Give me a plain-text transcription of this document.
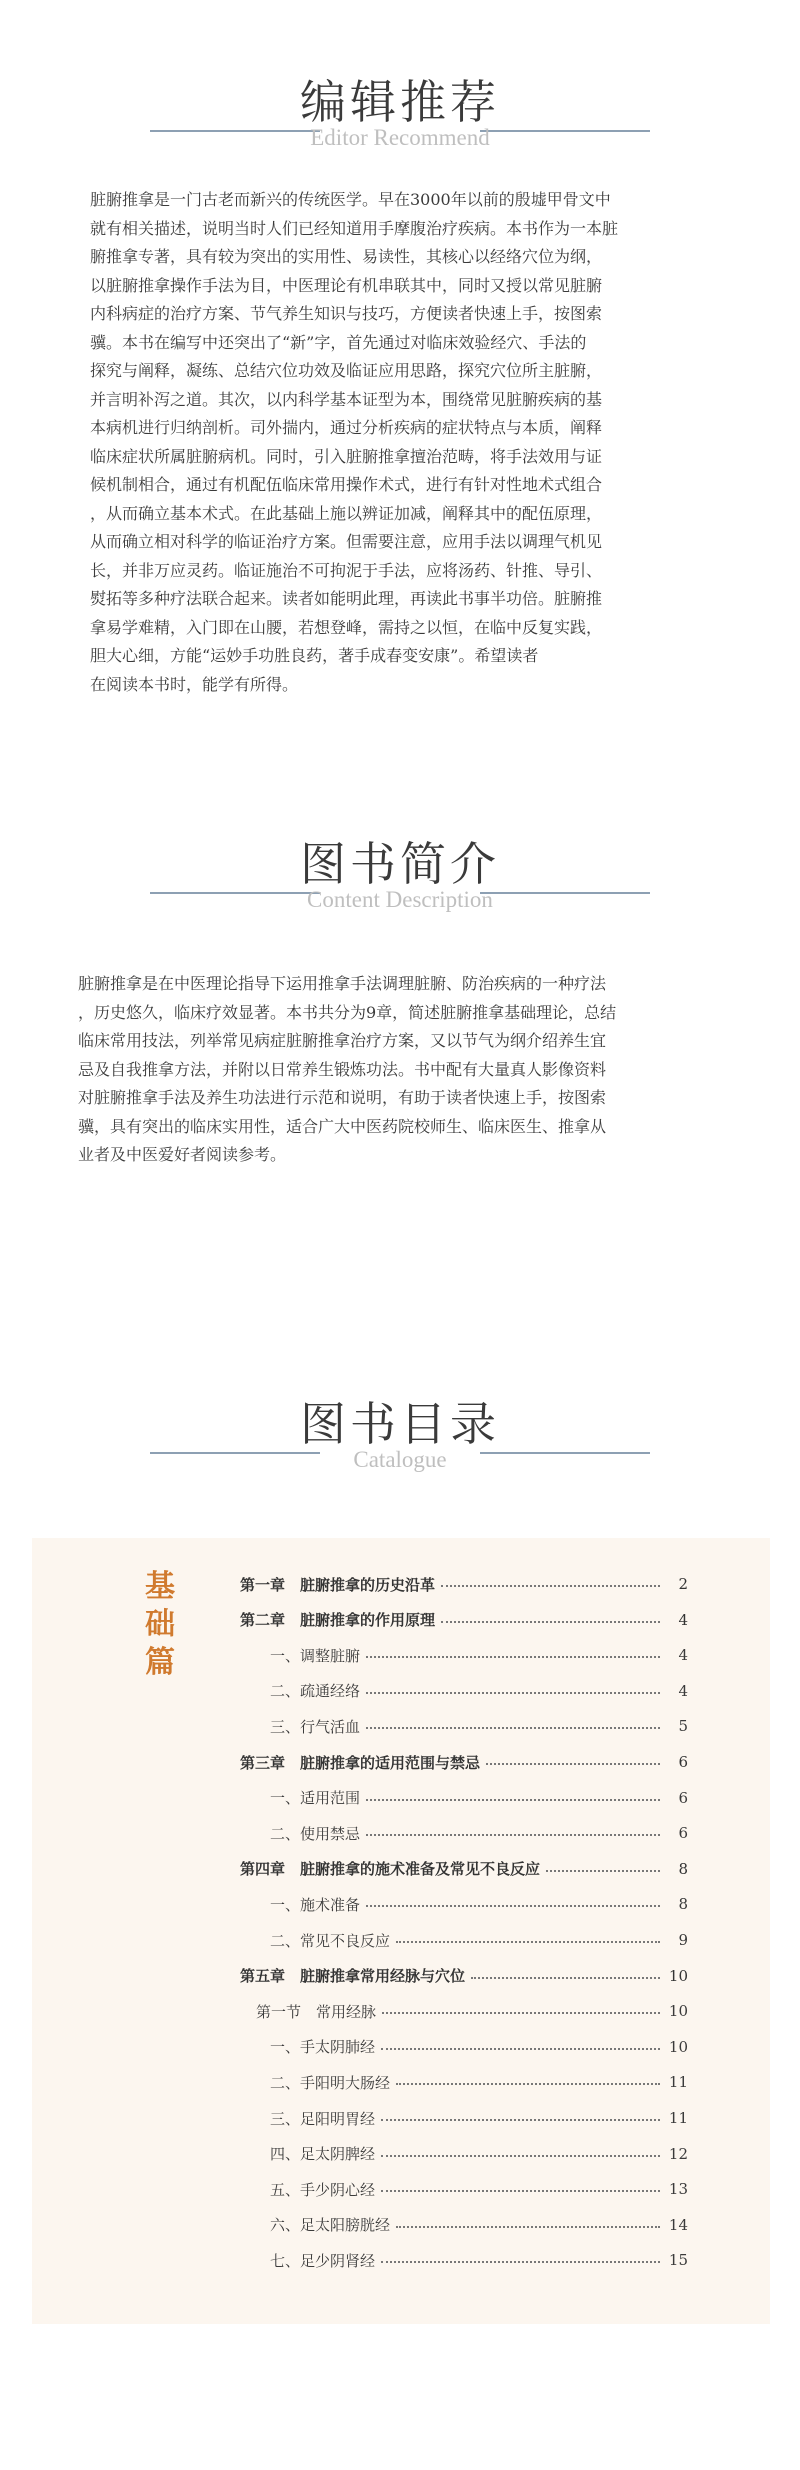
编辑推荐
Editor Recommend
脏腑推拿是一门古老而新兴的传统医学。早在3000年以前的殷墟甲骨文中
就有相关描述，说明当时人们已经知道用手摩腹治疗疾病。本书作为一本脏
腑推拿专著，具有较为突出的实用性、易读性，其核心以经络穴位为纲，
以脏腑推拿操作手法为目，中医理论有机串联其中，同时又授以常见脏腑
内科病症的治疗方案、节气养生知识与技巧，方便读者快速上手，按图索
骥。本书在编写中还突出了“新”字，首先通过对临床效验经穴、手法的
探究与阐释，凝练、总结穴位功效及临证应用思路，探究穴位所主脏腑，
并言明补泻之道。其次，以内科学基本证型为本，围绕常见脏腑疾病的基
本病机进行归纳剖析。司外揣内，通过分析疾病的症状特点与本质，阐释
临床症状所属脏腑病机。同时，引入脏腑推拿擅治范畴，将手法效用与证
候机制相合，通过有机配伍临床常用操作术式，进行有针对性地术式组合
，从而确立基本术式。在此基础上施以辨证加减，阐释其中的配伍原理，
从而确立相对科学的临证治疗方案。但需要注意，应用手法以调理气机见
长，并非万应灵药。临证施治不可拘泥于手法，应将汤药、针推、导引、
熨拓等多种疗法联合起来。读者如能明此理，再读此书事半功倍。脏腑推
拿易学难精，入门即在山腰，若想登峰，需持之以恒，在临中反复实践，
胆大心细，方能“运妙手功胜良药，著手成春变安康”。希望读者
在阅读本书时，能学有所得。
图书简介
Content Description
脏腑推拿是在中医理论指导下运用推拿手法调理脏腑、防治疾病的一种疗法
，历史悠久，临床疗效显著。本书共分为9章，简述脏腑推拿基础理论，总结
临床常用技法，列举常见病症脏腑推拿治疗方案，又以节气为纲介绍养生宜
忌及自我推拿方法，并附以日常养生锻炼功法。书中配有大量真人影像资料
对脏腑推拿手法及养生功法进行示范和说明，有助于读者快速上手，按图索
骥，具有突出的临床实用性，适合广大中医药院校师生、临床医生、推拿从
业者及中医爱好者阅读参考。
图书目录
Catalogue
基
础
篇
第一章　脏腑推拿的历史沿革	2
第二章　脏腑推拿的作用原理	4
一、调整脏腑	4
二、疏通经络	4
三、行气活血	5
第三章　脏腑推拿的适用范围与禁忌	6
一、适用范围	6
二、使用禁忌	6
第四章　脏腑推拿的施术准备及常见不良反应	8
一、施术准备	8
二、常见不良反应	9
第五章　脏腑推拿常用经脉与穴位	10
第一节　常用经脉	10
一、手太阴肺经	10
二、手阳明大肠经	11
三、足阳明胃经	11
四、足太阴脾经	12
五、手少阴心经	13
六、足太阳膀胱经	14
七、足少阴肾经	15
